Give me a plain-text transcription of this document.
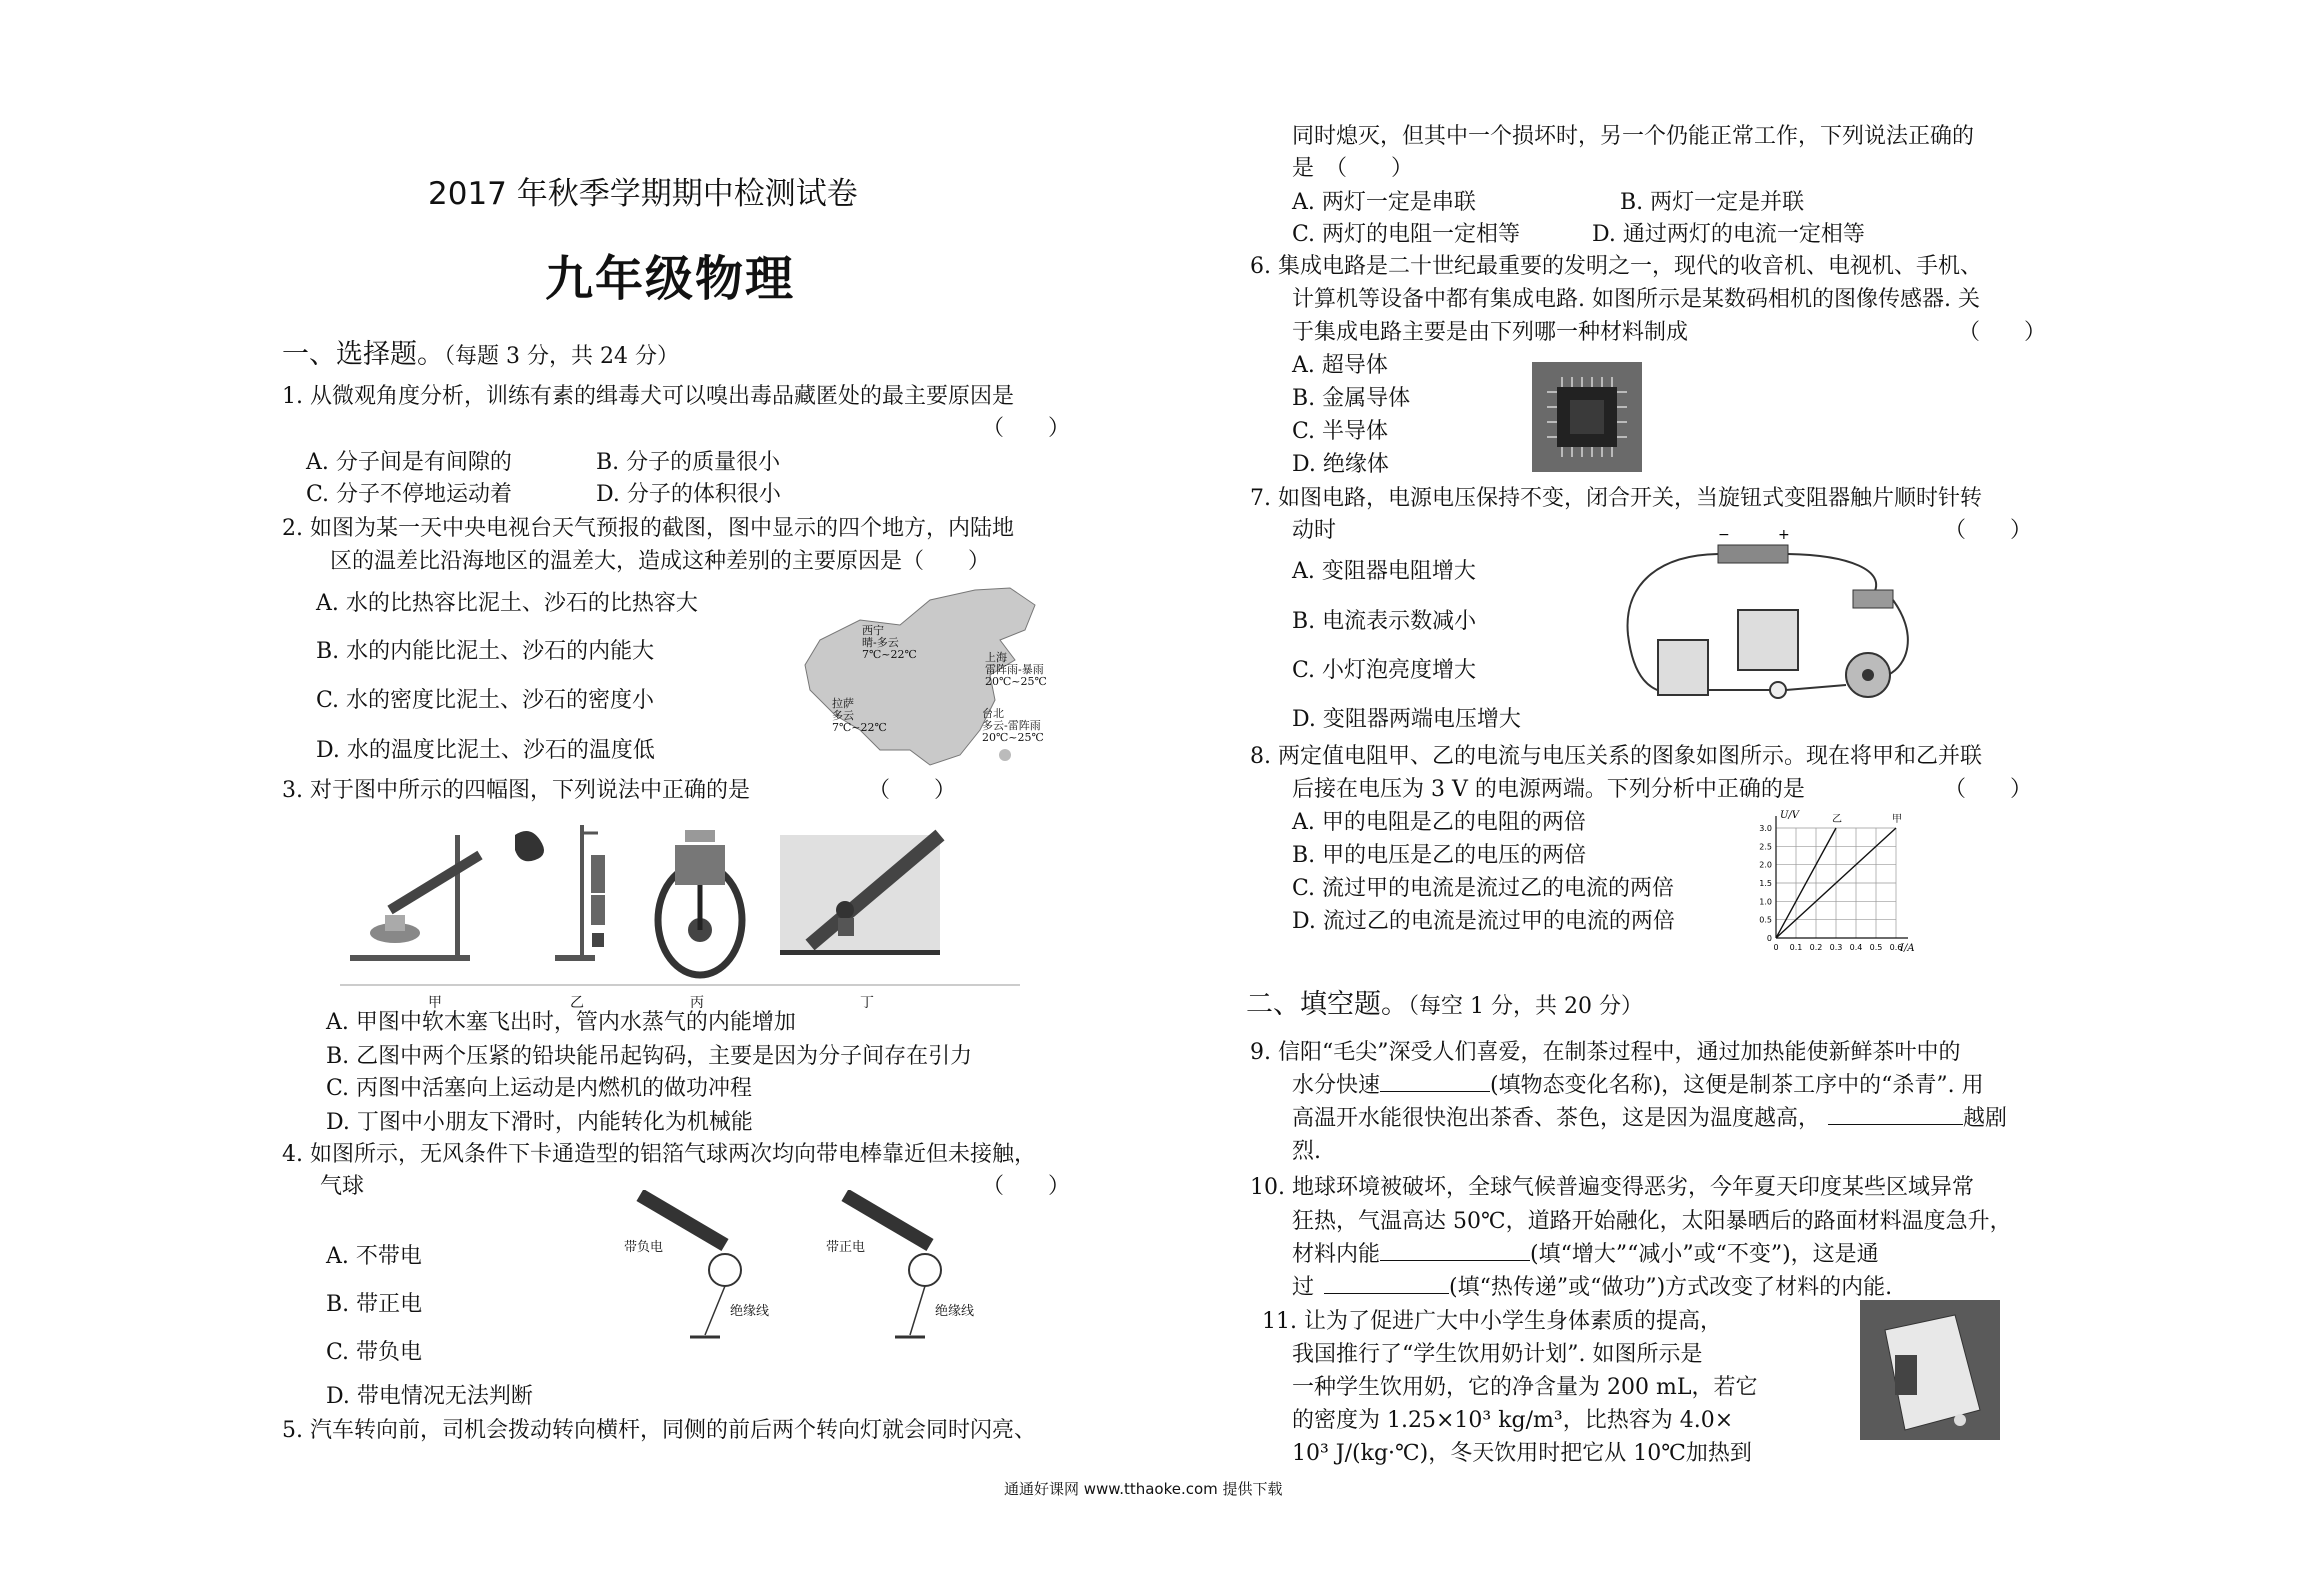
2017 年秋季学期期中检测试卷
九年级物理
一、选择题。（每题 3 分，共 24 分）
1. 从微观角度分析，训练有素的缉毒犬可以嗅出毒品藏匿处的最主要原因是
（　　）
A. 分子间是有间隙的	B. 分子的质量很小
C. 分子不停地运动着	D. 分子的体积很小
2. 如图为某一天中央电视台天气预报的截图，图中显示的四个地方，内陆地
区的温差比沿海地区的温差大，造成这种差别的主要原因是（　　）
A. 水的比热容比泥土、沙石的比热容大
B. 水的内能比泥土、沙石的内能大
C. 水的密度比泥土、沙石的密度小
D. 水的温度比泥土、沙石的温度低
西宁
晴-多云
7℃~22℃	上海
雷阵雨-暴雨
20℃~25℃
拉萨
多云
7℃~22℃
台北
多云-雷阵雨
20℃~25℃
3. 对于图中所示的四幅图，下列说法中正确的是	（　　）
甲	乙	丙	丁
A. 甲图中软木塞飞出时，管内水蒸气的内能增加
B. 乙图中两个压紧的铅块能吊起钩码，主要是因为分子间存在引力
C. 丙图中活塞向上运动是内燃机的做功冲程
D. 丁图中小朋友下滑时，内能转化为机械能
4. 如图所示，无风条件下卡通造型的铝箔气球两次均向带电棒靠近但未接触，
气球	（　　）
带负电	带正电
绝缘线	绝缘线
A. 不带电
B. 带正电
C. 带负电
D. 带电情况无法判断
5. 汽车转向前，司机会拨动转向横杆，同侧的前后两个转向灯就会同时闪亮、
同时熄灭，但其中一个损坏时，另一个仍能正常工作，下列说法正确的
是　（　　）
A. 两灯一定是串联	B. 两灯一定是并联
C. 两灯的电阻一定相等	D. 通过两灯的电流一定相等
6. 集成电路是二十世纪最重要的发明之一，现代的收音机、电视机、手机、
计算机等设备中都有集成电路. 如图所示是某数码相机的图像传感器. 关
于集成电路主要是由下列哪一种材料制成	（　　）
A. 超导体
B. 金属导体
C. 半导体
D. 绝缘体
7. 如图电路，电源电压保持不变，闭合开关，当旋钮式变阻器触片顺时针转
动时	（　　）
A. 变阻器电阻增大
B. 电流表示数减小
C. 小灯泡亮度增大
D. 变阻器两端电压增大
−	+
8. 两定值电阻甲、乙的电流与电压关系的图象如图所示。现在将甲和乙并联
后接在电压为 3 V 的电源两端。下列分析中正确的是	（　　）
A. 甲的电阻是乙的电阻的两倍
B. 甲的电压是乙的电压的两倍
C. 流过甲的电流是流过乙的电流的两倍
D. 流过乙的电流是流过甲的电流的两倍
0 0.1 0.2 0.3 0.4 0.5 0.6
0
0.5
1.0
1.5
2.0
2.5
3.0
U/V
I/A
甲
乙
二、填空题。（每空 1 分，共 20 分）
9. 信阳“毛尖”深受人们喜爱，在制茶过程中，通过加热能使新鲜茶叶中的
水分快速	(填物态变化名称)，这便是制茶工序中的“杀青”. 用
高温开水能很快泡出茶香、茶色，这是因为温度越高，	越剧
烈.
10. 地球环境被破坏，全球气候普遍变得恶劣，今年夏天印度某些区域异常
狂热，气温高达 50℃，道路开始融化，太阳暴晒后的路面材料温度急升，
材料内能	(填“增大”“减小”或“不变”)，这是通
过	(填“热传递”或“做功”)方式改变了材料的内能.
11. 让为了促进广大中小学生身体素质的提高，
我国推行了“学生饮用奶计划”. 如图所示是
一种学生饮用奶，它的净含量为 200 mL，若它
的密度为 1.25×10³ kg/m³，比热容为 4.0×
10³ J/(kg·℃)，冬天饮用时把它从 10℃加热到
通通好课网 www.tthaoke.com 提供下载
